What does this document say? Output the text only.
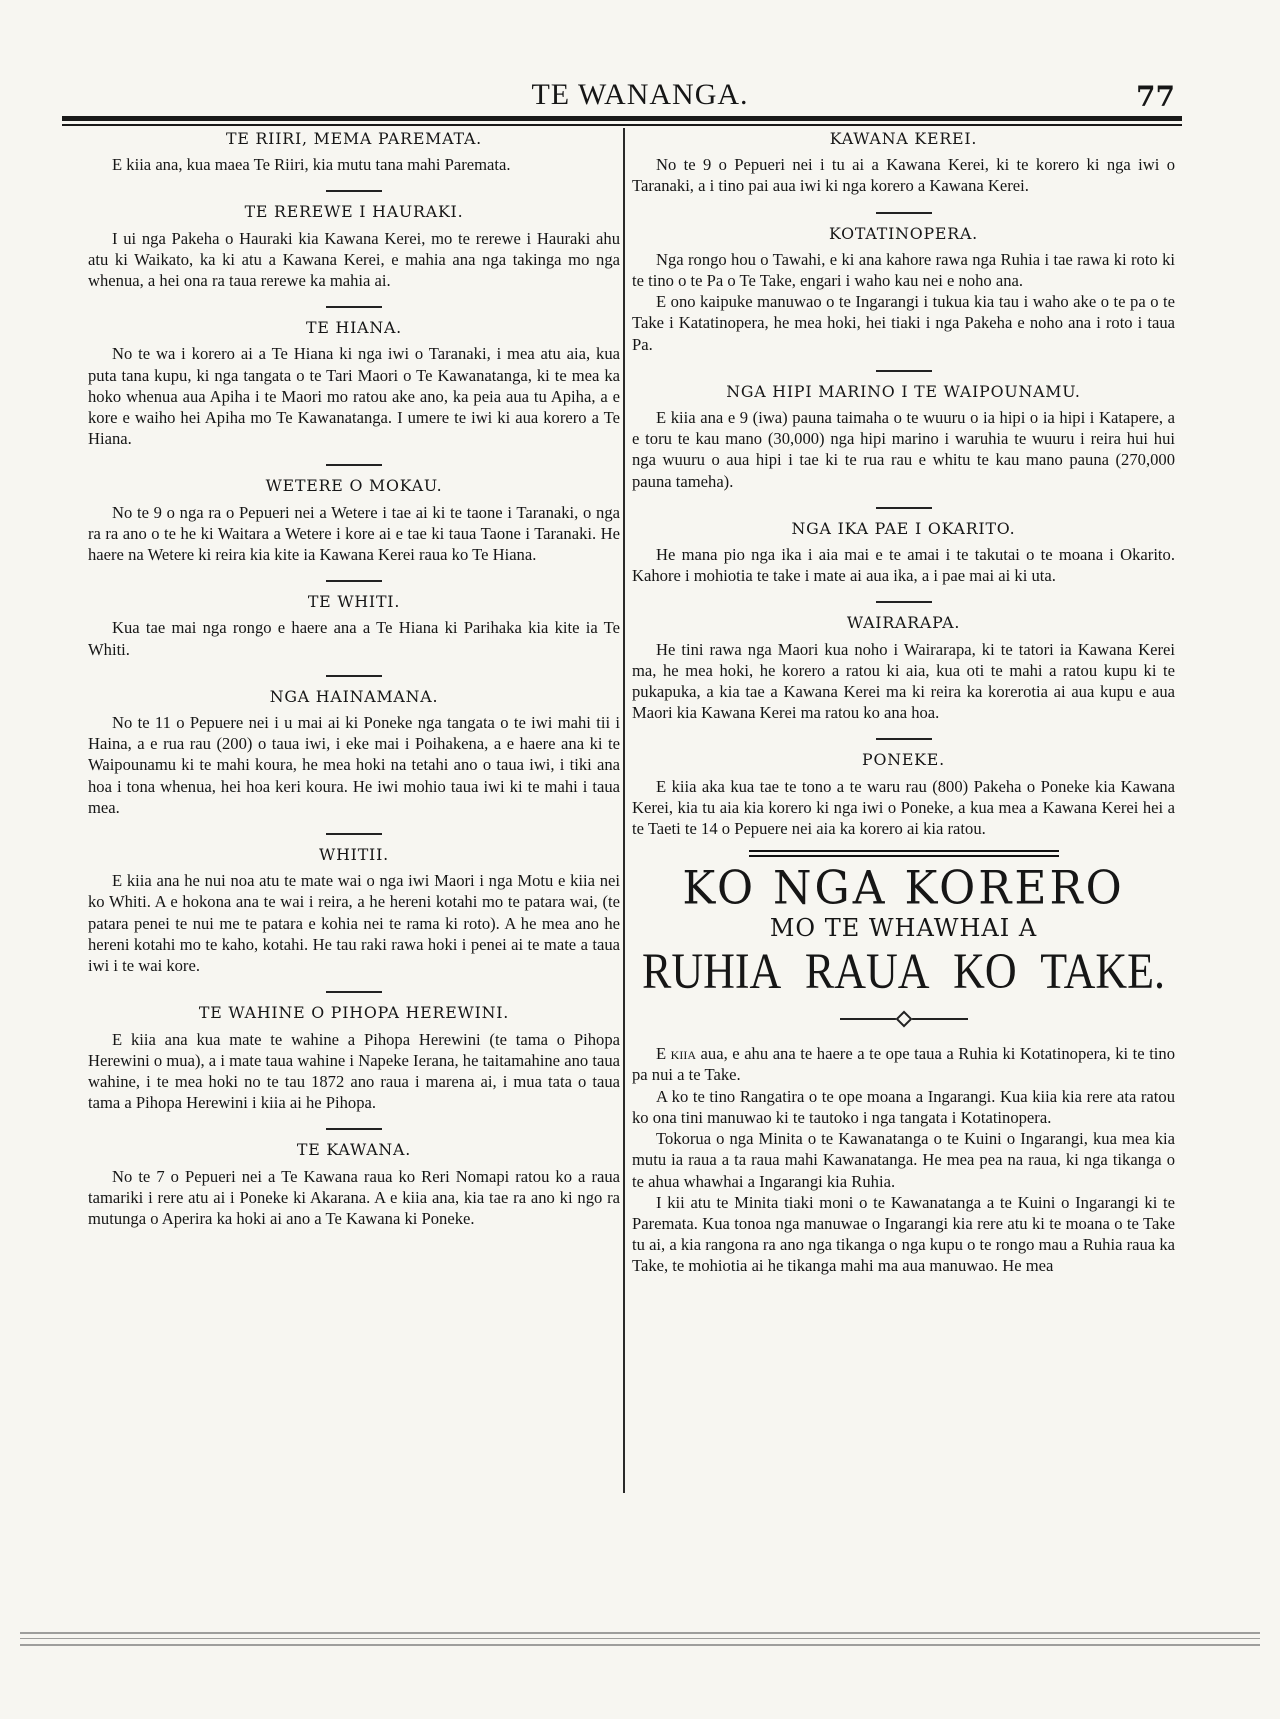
TE WANANGA.	77
TE RIIRI, MEMA PAREMATA.

E kiia ana, kua maea Te Riiri, kia mutu tana mahi Paremata.

TE REREWE I HAURAKI.

I ui nga Pakeha o Hauraki kia Kawana Kerei, mo te rerewe i Hauraki ahu atu ki Waikato, ka ki atu a Kawana Kerei, e mahia ana nga takinga mo nga whenua, a hei ona ra taua rerewe ka mahia ai.

TE HIANA.

No te wa i korero ai a Te Hiana ki nga iwi o Taranaki, i mea atu aia, kua puta tana kupu, ki nga tangata o te Tari Maori o Te Kawanatanga, ki te mea ka hoko whenua aua Apiha i te Maori mo ratou ake ano, ka peia aua tu Apiha, a e kore e waiho hei Apiha mo Te Kawanatanga. I umere te iwi ki aua korero a Te Hiana.

WETERE O MOKAU.

No te 9 o nga ra o Pepueri nei a Wetere i tae ai ki te taone i Taranaki, o nga ra ra ano o te he ki Waitara a Wetere i kore ai e tae ki taua Taone i Taranaki. He haere na Wetere ki reira kia kite ia Kawana Kerei raua ko Te Hiana.

TE WHITI.

Kua tae mai nga rongo e haere ana a Te Hiana ki Parihaka kia kite ia Te Whiti.

NGA HAINAMANA.

No te 11 o Pepuere nei i u mai ai ki Poneke nga tangata o te iwi mahi tii i Haina, a e rua rau (200) o taua iwi, i eke mai i Poihakena, a e haere ana ki te Waipounamu ki te mahi koura, he mea hoki na tetahi ano o taua iwi, i tiki ana hoa i tona whenua, hei hoa keri koura. He iwi mohio taua iwi ki te mahi i taua mea.

WHITII.

E kiia ana he nui noa atu te mate wai o nga iwi Maori i nga Motu e kiia nei ko Whiti. A e hokona ana te wai i reira, a he hereni kotahi mo te patara wai, (te patara penei te nui me te patara e kohia nei te rama ki roto). A he mea ano he hereni kotahi mo te kaho, kotahi. He tau raki rawa hoki i penei ai te mate a taua iwi i te wai kore.

TE WAHINE O PIHOPA HEREWINI.

E kiia ana kua mate te wahine a Pihopa Herewini (te tama o Pihopa Herewini o mua), a i mate taua wahine i Napeke Ierana, he taitamahine ano taua wahine, i te mea hoki no te tau 1872 ano raua i marena ai, i mua tata o taua tama a Pihopa Herewini i kiia ai he Pihopa.

TE KAWANA.

No te 7 o Pepueri nei a Te Kawana raua ko Reri Nomapi ratou ko a raua tamariki i rere atu ai i Poneke ki Akarana. A e kiia ana, kia tae ra ano ki ngo ra mutunga o Aperira ka hoki ai ano a Te Kawana ki Poneke.

KAWANA KEREI.

No te 9 o Pepueri nei i tu ai a Kawana Kerei, ki te korero ki nga iwi o Taranaki, a i tino pai aua iwi ki nga korero a Kawana Kerei.

KOTATINOPERA.

Nga rongo hou o Tawahi, e ki ana kahore rawa nga Ruhia i tae rawa ki roto ki te tino o te Pa o Te Take, engari i waho kau nei e noho ana.

E ono kaipuke manuwao o te Ingarangi i tukua kia tau i waho ake o te pa o te Take i Katatinopera, he mea hoki, hei tiaki i nga Pakeha e noho ana i roto i taua Pa.

NGA HIPI MARINO I TE WAIPOUNAMU.

E kiia ana e 9 (iwa) pauna taimaha o te wuuru o ia hipi o ia hipi i Katapere, a e toru te kau mano (30,000) nga hipi marino i waruhia te wuuru i reira hui hui nga wuuru o aua hipi i tae ki te rua rau e whitu te kau mano pauna (270,000 pauna tameha).

NGA IKA PAE I OKARITO.

He mana pio nga ika i aia mai e te amai i te takutai o te moana i Okarito. Kahore i mohiotia te take i mate ai aua ika, a i pae mai ai ki uta.

WAIRARAPA.

He tini rawa nga Maori kua noho i Wairarapa, ki te tatori ia Kawana Kerei ma, he mea hoki, he korero a ratou ki aia, kua oti te mahi a ratou kupu ki te pukapuka, a kia tae a Kawana Kerei ma ki reira ka korerotia ai aua kupu e aua Maori kia Kawana Kerei ma ratou ko ana hoa.

PONEKE.

E kiia aka kua tae te tono a te waru rau (800) Pakeha o Poneke kia Kawana Kerei, kia tu aia kia korero ki nga iwi o Poneke, a kua mea a Kawana Kerei hei a te Taeti te 14 o Pepuere nei aia ka korero ai kia ratou.

KO NGA KORERO

MO TE WHAWHAI A

RUHIA RAUA KO TAKE.

E kiia aua, e ahu ana te haere a te ope taua a Ruhia ki Kotatinopera, ki te tino pa nui a te Take.

A ko te tino Rangatira o te ope moana a Ingarangi. Kua kiia kia rere ata ratou ko ona tini manuwao ki te tautoko i nga tangata i Kotatinopera.

Tokorua o nga Minita o te Kawanatanga o te Kuini o Ingarangi, kua mea kia mutu ia raua a ta raua mahi Kawanatanga. He mea pea na raua, ki nga tikanga o te ahua whawhai a Ingarangi kia Ruhia.

I kii atu te Minita tiaki moni o te Kawanatanga a te Kuini o Ingarangi ki te Paremata. Kua tonoa nga manuwae o Ingarangi kia rere atu ki te moana o te Take tu ai, a kia rangona ra ano nga tikanga o nga kupu o te rongo mau a Ruhia raua ka Take, te mohiotia ai he tikanga mahi ma aua manuwao. He mea
